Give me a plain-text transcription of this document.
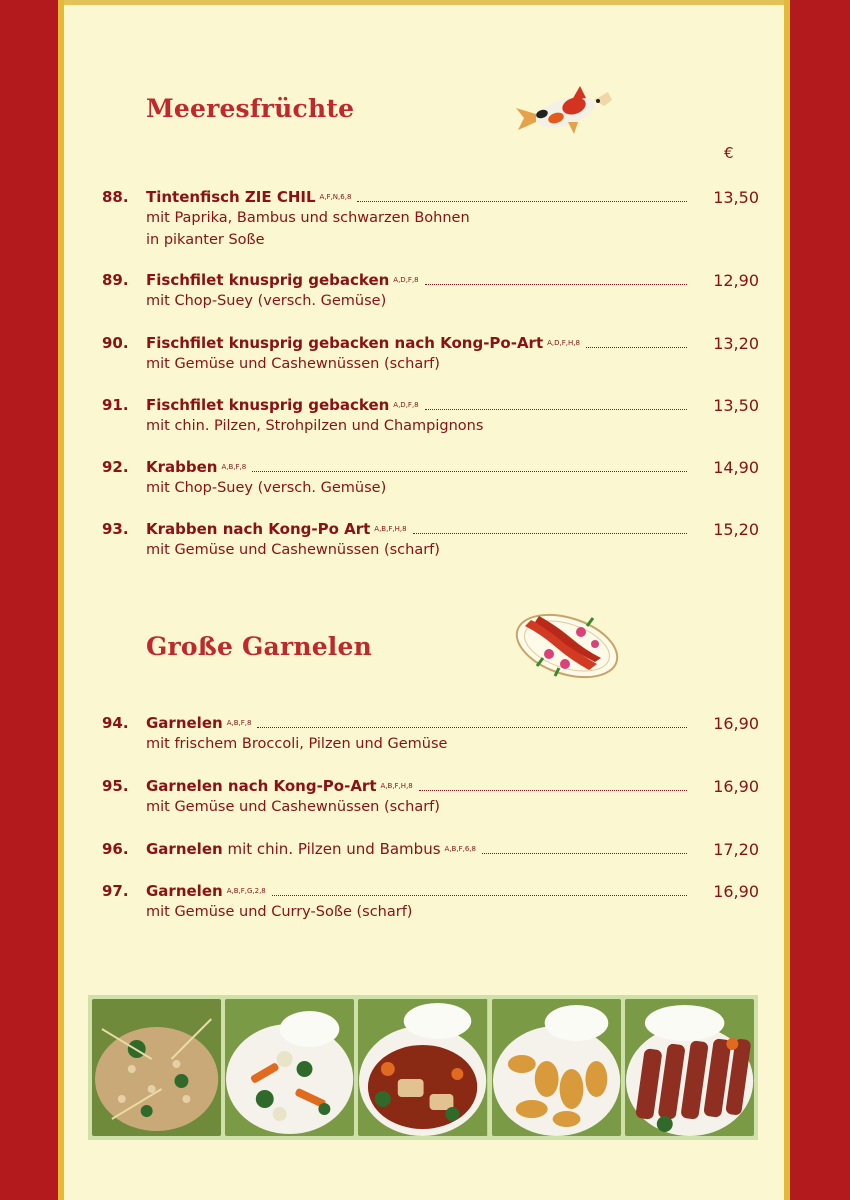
Meeresfrüchte
€
88.	Tintenfisch ZIE CHIL A,F,N,6,8	13,50
mit Paprika, Bambus und schwarzen Bohnen
in pikanter Soße
89.	Fischfilet knusprig gebacken A,D,F,8	12,90
mit Chop-Suey (versch. Gemüse)
90.	Fischfilet knusprig gebacken nach Kong-Po-Art A,D,F,H,8	13,20
mit Gemüse und Cashewnüssen (scharf)
91.	Fischfilet knusprig gebacken A,D,F,8	13,50
mit chin. Pilzen, Strohpilzen und Champignons
92.	Krabben A,B,F,8	14,90
mit Chop-Suey (versch. Gemüse)
93.	Krabben nach Kong-Po Art A,B,F,H,8	15,20
mit Gemüse und Cashewnüssen (scharf)
Große Garnelen
94.	Garnelen A,B,F,8	16,90
mit frischem Broccoli, Pilzen und Gemüse
95.	Garnelen nach Kong-Po-Art A,B,F,H,8	16,90
mit Gemüse und Cashewnüssen (scharf)
96.	Garnelen mit chin. Pilzen und Bambus A,B,F,6,8	17,20
97.	Garnelen A,B,F,G,2,8	16,90
mit Gemüse und Curry-Soße (scharf)
